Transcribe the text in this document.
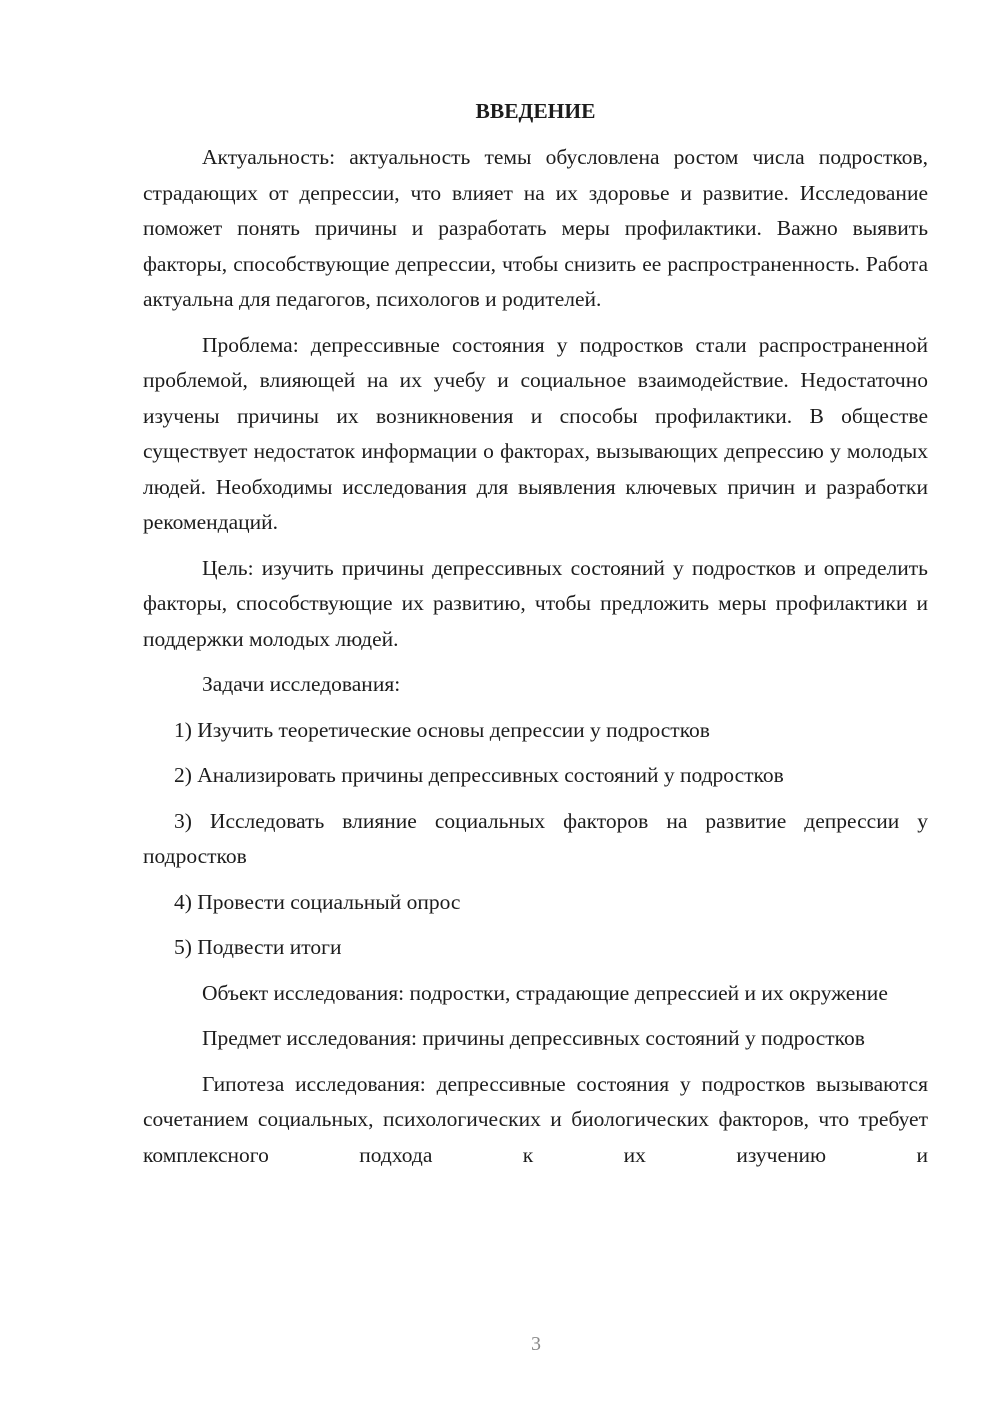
ВВЕДЕНИЕ

Актуальность: актуальность темы обусловлена ростом числа подростков, страдающих от депрессии, что влияет на их здоровье и развитие. Исследование поможет понять причины и разработать меры профилактики. Важно выявить факторы, способствующие депрессии, чтобы снизить ее распространенность. Работа актуальна для педагогов, психологов и родителей.

Проблема: депрессивные состояния у подростков стали распространенной проблемой, влияющей на их учебу и социальное взаимодействие. Недостаточно изучены причины их возникновения и способы профилактики. В обществе существует недостаток информации о факторах, вызывающих депрессию у молодых людей. Необходимы исследования для выявления ключевых причин и разработки рекомендаций.

Цель: изучить причины депрессивных состояний у подростков и определить факторы, способствующие их развитию, чтобы предложить меры профилактики и поддержки молодых людей.

Задачи исследования:

1) Изучить теоретические основы депрессии у подростков

2) Анализировать причины депрессивных состояний у подростков

3) Исследовать влияние социальных факторов на развитие депрессии у подростков

4) Провести социальный опрос

5) Подвести итоги

Объект исследования: подростки, страдающие депрессией и их окружение

Предмет исследования: причины депрессивных состояний у подростков

Гипотеза исследования: депрессивные состояния у подростков вызываются сочетанием социальных, психологических и биологических факторов, что требует комплексного подхода к их изучению и

3
